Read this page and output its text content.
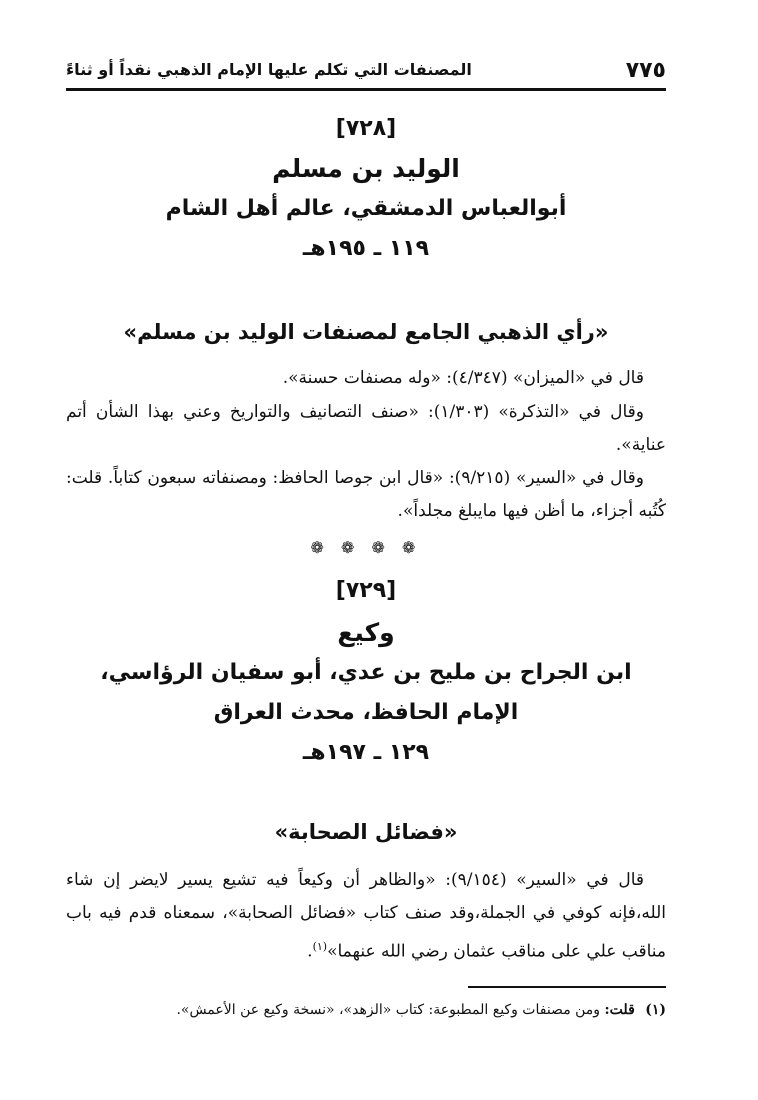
٧٧٥
المصنفات التي تكلم عليها الإمام الذهبي نقداً أو ثناءً
[٧٢٨]
الوليد بن مسلم
أبوالعباس الدمشقي، عالم أهل الشام
١١٩ ـ ١٩٥هـ
«رأي الذهبي الجامع لمصنفات الوليد بن مسلم»
قال في «الميزان» (٤/٣٤٧): «وله مصنفات حسنة».
وقال في «التذكرة» (١/٣٠٣): «صنف التصانيف والتواريخ وعني بهذا الشأن أتم عناية».
وقال في «السير» (٩/٢١٥): «قال ابن جوصا الحافظ: ومصنفاته سبعون كتاباً. قلت: كُتُبه أجزاء، ما أظن فيها مايبلغ مجلداً».
❁ ❁ ❁ ❁
[٧٢٩]
وكيع
ابن الجراح بن مليح بن عدي، أبو سفيان الرؤاسي،
الإمام الحافظ، محدث العراق
١٢٩ ـ ١٩٧هـ
«فضائل الصحابة»
قال في «السير» (٩/١٥٤): «والظاهر أن وكيعاً فيه تشيع يسير لايضر إن شاء الله،فإنه كوفي في الجملة،وقد صنف كتاب «فضائل الصحابة»، سمعناه قدم فيه باب مناقب علي على مناقب عثمان رضي الله عنهما»$^{(١)}$.
(١) قلت: ومن مصنفات وكيع المطبوعة: كتاب «الزهد»، «نسخة وكيع عن الأعمش».
